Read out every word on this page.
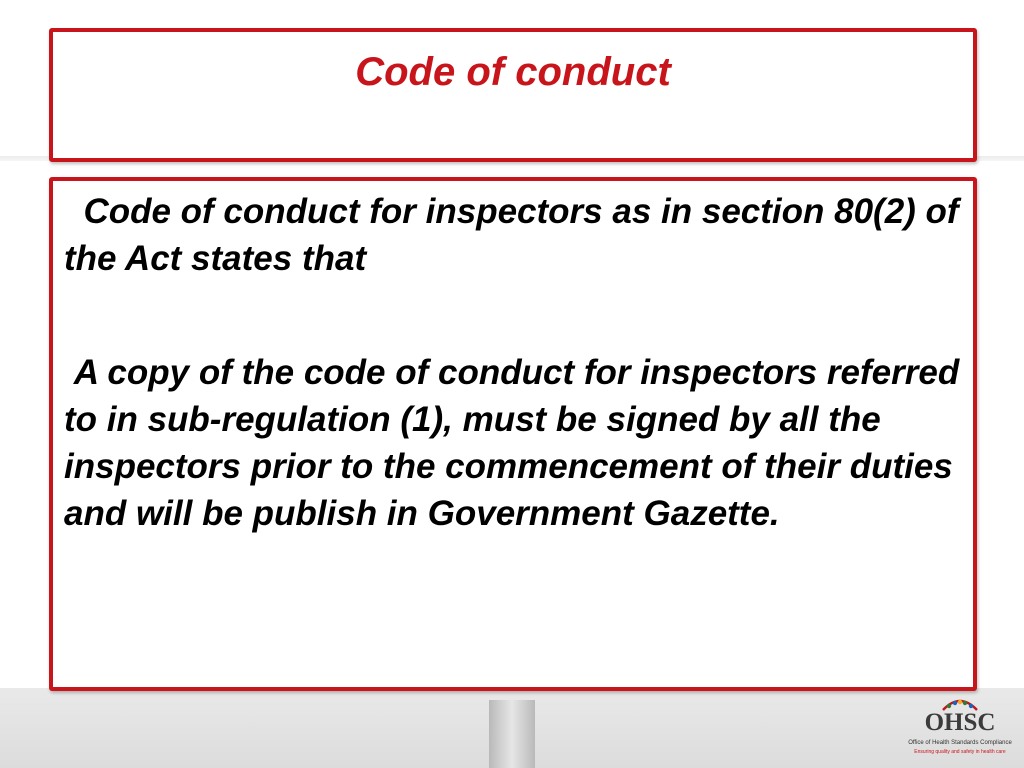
Code of conduct

Code of conduct for inspectors as in section 80(2) of the Act states that

A copy of the code of conduct for inspectors referred to in sub-regulation (1), must be signed by all the inspectors prior to the commencement of their duties and will be publish in Government Gazette.

OHSC
Office of Health Standards Compliance
Ensuring quality and safety in health care
